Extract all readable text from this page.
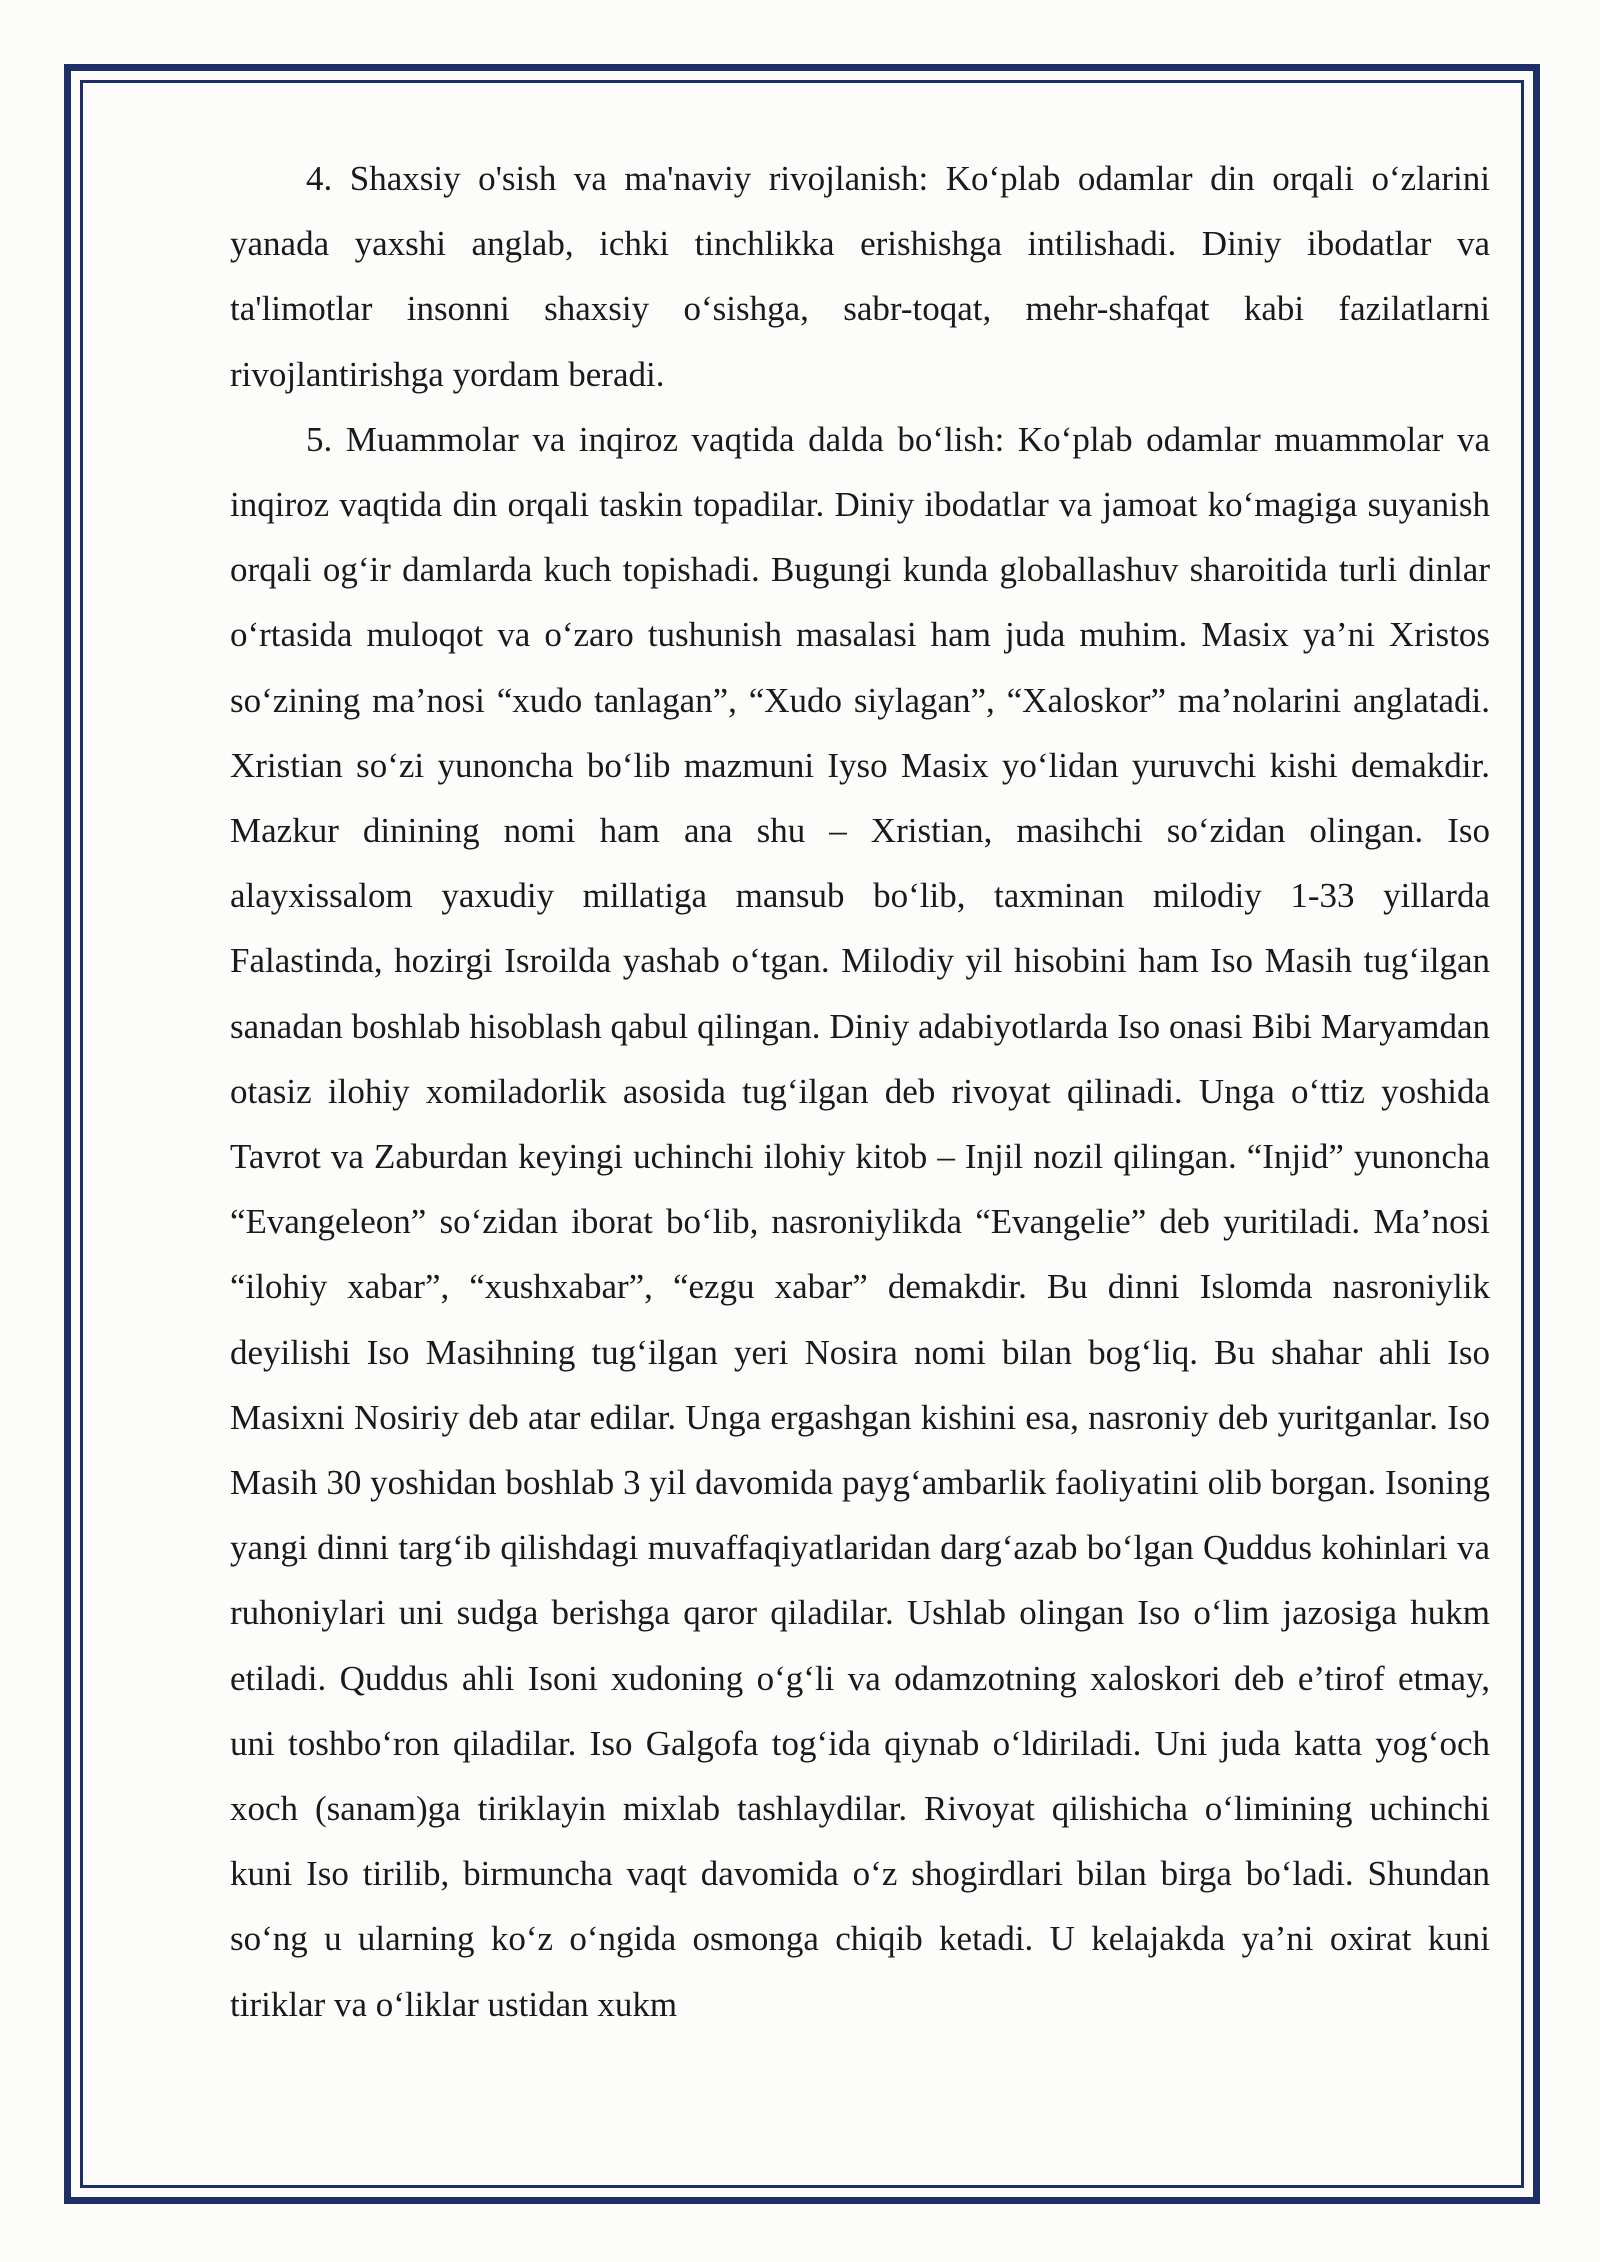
4. Shaxsiy o'sish va ma'naviy rivojlanish: Ko‘plab odamlar din orqali o‘zlarini yanada yaxshi anglab, ichki tinchlikka erishishga intilishadi. Diniy ibodatlar va ta'limotlar insonni shaxsiy o‘sishga, sabr-toqat, mehr-shafqat kabi fazilatlarni rivojlantirishga yordam beradi.

5. Muammolar va inqiroz vaqtida dalda bo‘lish: Ko‘plab odamlar muammolar va inqiroz vaqtida din orqali taskin topadilar. Diniy ibodatlar va jamoat ko‘magiga suyanish orqali og‘ir damlarda kuch topishadi. Bugungi kunda globallashuv sharoitida turli dinlar o‘rtasida muloqot va o‘zaro tushunish masalasi ham juda muhim. Masix ya’ni Xristos so‘zining ma’nosi “xudo tanlagan”, “Xudo siylagan”, “Xaloskor” ma’nolarini anglatadi. Xristian so‘zi yunoncha bo‘lib mazmuni Iyso Masix yo‘lidan yuruvchi kishi demakdir. Mazkur dinining nomi ham ana shu – Xristian, masihchi so‘zidan olingan. Iso alayxissalom yaxudiy millatiga mansub bo‘lib, taxminan milodiy 1-33 yillarda Falastinda, hozirgi Isroilda yashab o‘tgan. Milodiy yil hisobini ham Iso Masih tug‘ilgan sanadan boshlab hisoblash qabul qilingan. Diniy adabiyotlarda Iso onasi Bibi Maryamdan otasiz ilohiy xomiladorlik asosida tug‘ilgan deb rivoyat qilinadi. Unga o‘ttiz yoshida Tavrot va Zaburdan keyingi uchinchi ilohiy kitob – Injil nozil qilingan. “Injid” yunoncha “Evangeleon” so‘zidan iborat bo‘lib, nasroniylikda “Evangelie” deb yuritiladi. Ma’nosi “ilohiy xabar”, “xushxabar”, “ezgu xabar” demakdir. Bu dinni Islomda nasroniylik deyilishi Iso Masihning tug‘ilgan yeri Nosira nomi bilan bog‘liq. Bu shahar ahli Iso Masixni Nosiriy deb atar edilar. Unga ergashgan kishini esa, nasroniy deb yuritganlar. Iso Masih 30 yoshidan boshlab 3 yil davomida payg‘ambarlik faoliyatini olib borgan. Isoning yangi dinni targ‘ib qilishdagi muvaffaqiyatlaridan darg‘azab bo‘lgan Quddus kohinlari va ruhoniylari uni sudga berishga qaror qiladilar. Ushlab olingan Iso o‘lim jazosiga hukm etiladi. Quddus ahli Isoni xudoning o‘g‘li va odamzotning xaloskori deb e’tirof etmay, uni toshbo‘ron qiladilar. Iso Galgofa tog‘ida qiynab o‘ldiriladi. Uni juda katta yog‘och xoch (sanam)ga tiriklayin mixlab tashlaydilar. Rivoyat qilishicha o‘limining uchinchi kuni Iso tirilib, birmuncha vaqt davomida o‘z shogirdlari bilan birga bo‘ladi. Shundan so‘ng u ularning ko‘z o‘ngida osmonga chiqib ketadi. U kelajakda ya’ni oxirat kuni tiriklar va o‘liklar ustidan xukm
